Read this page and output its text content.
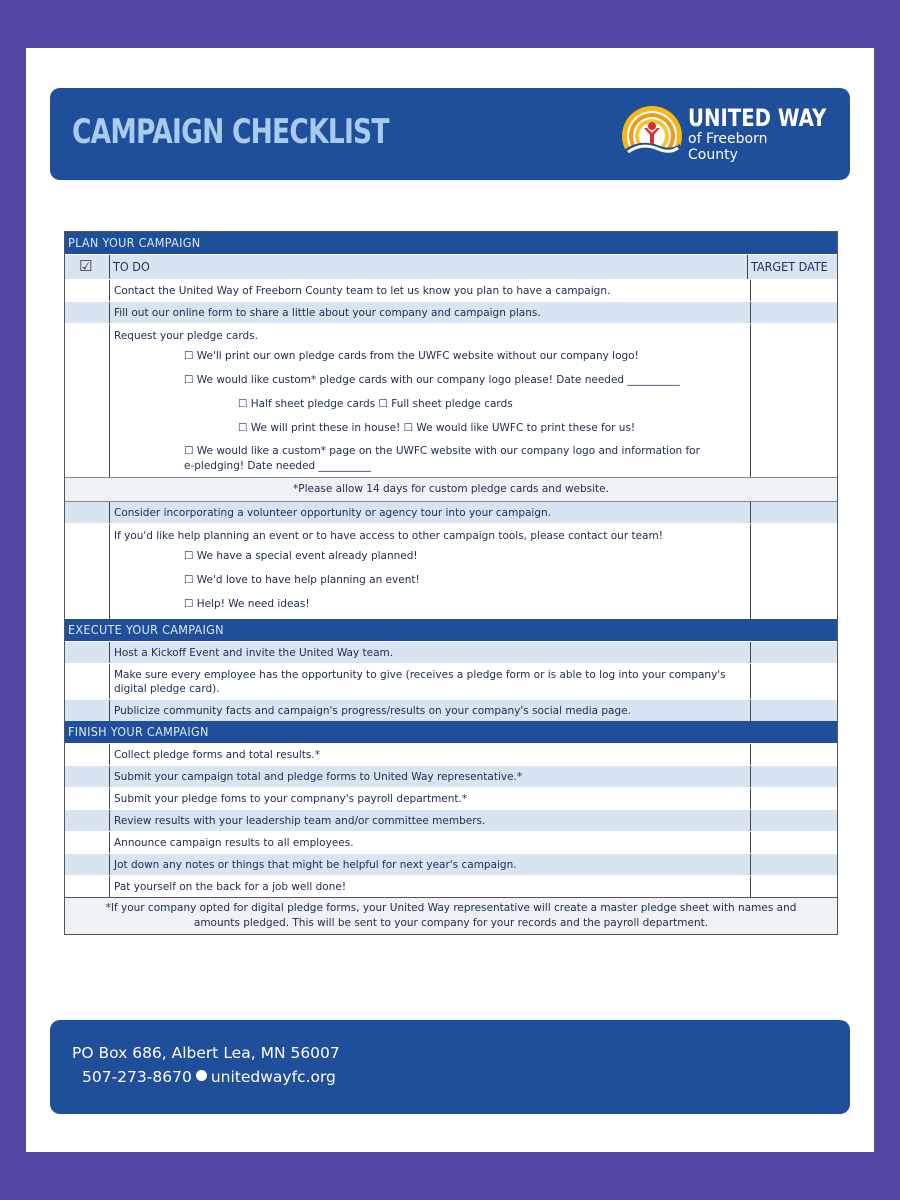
CAMPAIGN CHECKLIST	UNITED WAY
of Freeborn
County
PLAN YOUR CAMPAIGN
☑ TO DO	TARGET DATE
Contact the United Way of Freeborn County team to let us know you plan to have a campaign.
Fill out our online form to share a little about your company and campaign plans.
Request your pledge cards.
☐ We'll print our own pledge cards from the UWFC website without our company logo!
☐ We would like custom* pledge cards with our company logo please! Date needed __________
☐ Half sheet pledge cards ☐ Full sheet pledge cards
☐ We will print these in house! ☐ We would like UWFC to print these for us!
☐ We would like a custom* page on the UWFC website with our company logo and information for e-pledging! Date needed __________
*Please allow 14 days for custom pledge cards and website.
Consider incorporating a volunteer opportunity or agency tour into your campaign.
If you'd like help planning an event or to have access to other campaign tools, please contact our team!
☐ We have a special event already planned!
☐ We'd love to have help planning an event!
☐ Help! We need ideas!
EXECUTE YOUR CAMPAIGN
Host a Kickoff Event and invite the United Way team.
Make sure every employee has the opportunity to give (receives a pledge form or is able to log into your company's digital pledge card).
Publicize community facts and campaign's progress/results on your company's social media page.
FINISH YOUR CAMPAIGN
Collect pledge forms and total results.*
Submit your campaign total and pledge forms to United Way representative.*
Submit your pledge foms to your compnany's payroll department.*
Review results with your leadership team and/or committee members.
Announce campaign results to all employees.
Jot down any notes or things that might be helpful for next year's campaign.
Pat yourself on the back for a job well done!
*If your company opted for digital pledge forms, your United Way representative will create a master pledge sheet with names and amounts pledged. This will be sent to your company for your records and the payroll department.
PO Box 686, Albert Lea, MN 56007
507-273-8670 unitedwayfc.org
